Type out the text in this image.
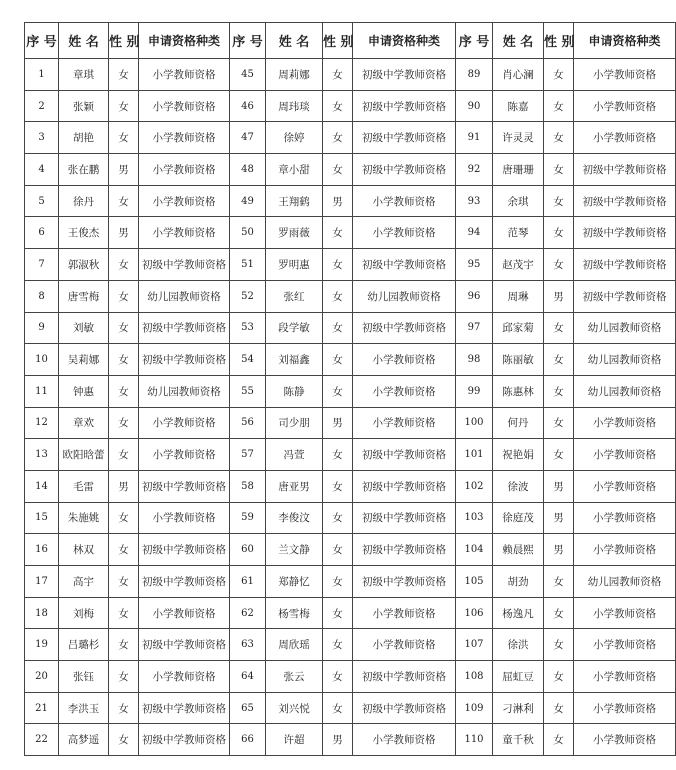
序 号	姓 名	性 别	申请资格种类	序 号	姓 名	性 别	申请资格种类	序 号	姓 名	性 别	申请资格种类
1	章琪	女	小学教师资格	45	周莉娜	女	初级中学教师资格	89	肖心澜	女	小学教师资格
2	张颖	女	小学教师资格	46	周玮琰	女	初级中学教师资格	90	陈嘉	女	小学教师资格
3	胡艳	女	小学教师资格	47	徐婷	女	初级中学教师资格	91	许灵灵	女	小学教师资格
4	张在鹏	男	小学教师资格	48	章小甜	女	初级中学教师资格	92	唐珊珊	女	初级中学教师资格
5	徐丹	女	小学教师资格	49	王翔鹤	男	小学教师资格	93	余琪	女	初级中学教师资格
6	王俊杰	男	小学教师资格	50	罗雨薇	女	小学教师资格	94	范琴	女	初级中学教师资格
7	郭淑秋	女	初级中学教师资格	51	罗明惠	女	初级中学教师资格	95	赵茂宇	女	初级中学教师资格
8	唐雪梅	女	幼儿园教师资格	52	张红	女	幼儿园教师资格	96	周琳	男	初级中学教师资格
9	刘敏	女	初级中学教师资格	53	段学敏	女	初级中学教师资格	97	邱家菊	女	幼儿园教师资格
10	吴莉娜	女	初级中学教师资格	54	刘福鑫	女	小学教师资格	98	陈丽敏	女	幼儿园教师资格
11	钟惠	女	幼儿园教师资格	55	陈静	女	小学教师资格	99	陈惠林	女	幼儿园教师资格
12	章欢	女	小学教师资格	56	司少朋	男	小学教师资格	100	何丹	女	小学教师资格
13	欧阳晗蕾	女	小学教师资格	57	冯萱	女	初级中学教师资格	101	祝艳娟	女	小学教师资格
14	毛雷	男	初级中学教师资格	58	唐亚男	女	初级中学教师资格	102	徐波	男	小学教师资格
15	朱施姚	女	小学教师资格	59	李俊汶	女	初级中学教师资格	103	徐庭茂	男	小学教师资格
16	林双	女	初级中学教师资格	60	兰文静	女	初级中学教师资格	104	赖晨熙	男	小学教师资格
17	高宇	女	初级中学教师资格	61	郑静忆	女	初级中学教师资格	105	胡劲	女	幼儿园教师资格
18	刘梅	女	小学教师资格	62	杨雪梅	女	小学教师资格	106	杨逸凡	女	小学教师资格
19	吕璐杉	女	初级中学教师资格	63	周欣瑶	女	小学教师资格	107	徐洪	女	小学教师资格
20	张钰	女	小学教师资格	64	张云	女	初级中学教师资格	108	屈虹豆	女	小学教师资格
21	李洪玉	女	初级中学教师资格	65	刘兴悦	女	初级中学教师资格	109	刁淋利	女	小学教师资格
22	高梦遥	女	初级中学教师资格	66	许超	男	小学教师资格	110	童千秋	女	小学教师资格
